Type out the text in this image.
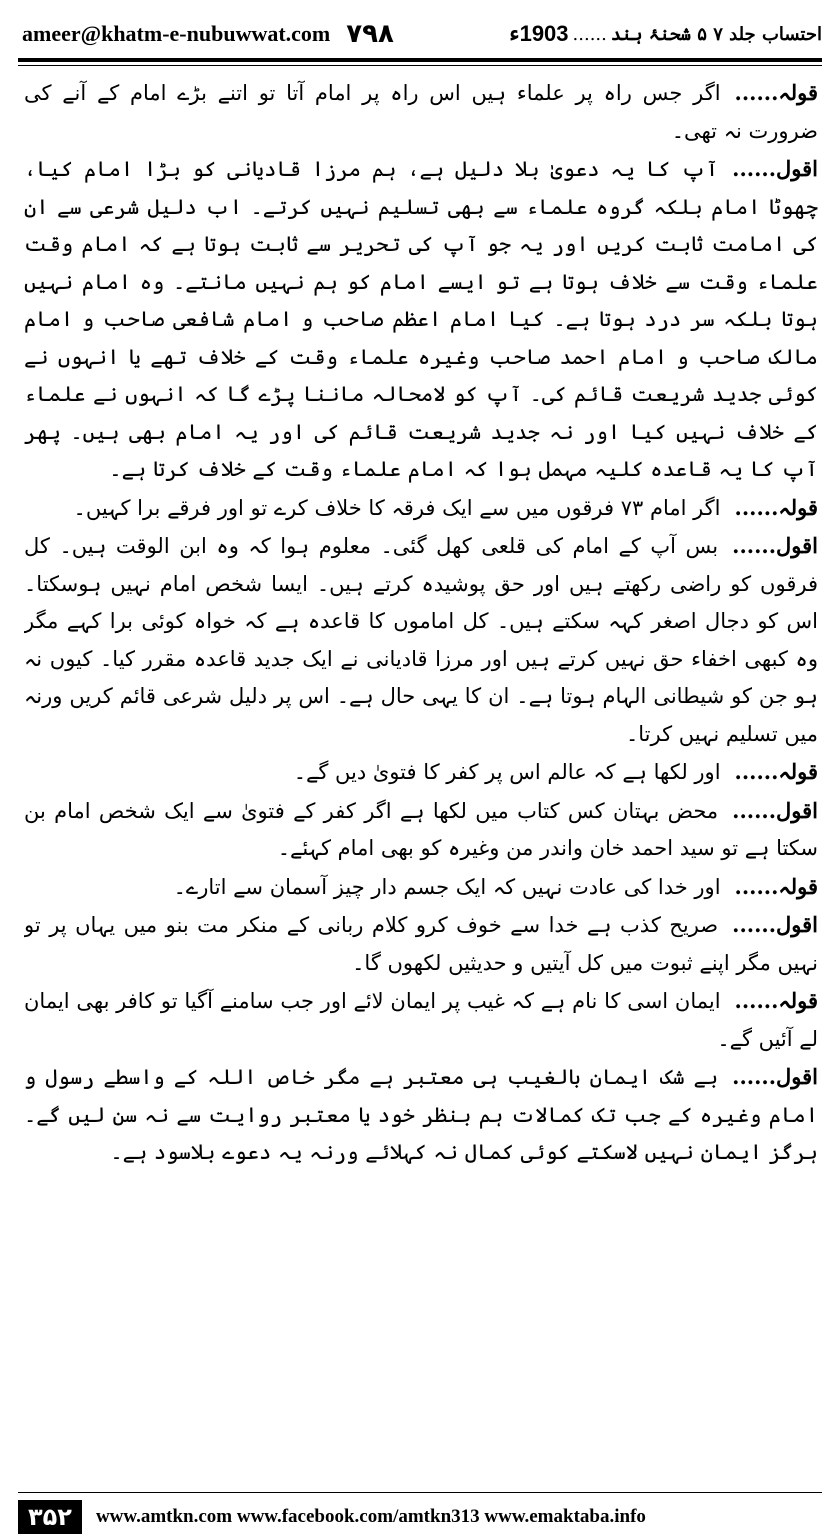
ameer@khatm-e-nubuwwat.com ۷۹۸	احتساب جلد ۷ ۵ شحنۂ ہند
......
1903ء

قولہ......اگر جس راہ پر علماء ہیں اس راہ پر امام آتا تو اتنے بڑے امام کے آنے کی ضرورت نہ تھی۔

اقول......آپ کا یہ دعویٰ بلا دلیل ہے، ہم مرزا قادیانی کو بڑا امام کیا، چھوٹا امام بلکہ گروہ علماء سے بھی تسلیم نہیں کرتے۔ اب دلیل شرعی سے ان کی امامت ثابت کریں اور یہ جو آپ کی تحریر سے ثابت ہوتا ہے کہ امام وقت علماء وقت سے خلاف ہوتا ہے تو ایسے امام کو ہم نہیں مانتے۔ وہ امام نہیں ہوتا بلکہ سر درد ہوتا ہے۔ کیا امام اعظم صاحب و امام شافعی صاحب و امام مالک صاحب و امام احمد صاحب وغیرہ علماء وقت کے خلاف تھے یا انہوں نے کوئی جدید شریعت قائم کی۔ آپ کو لامحالہ ماننا پڑے گا کہ انہوں نے علماء کے خلاف نہیں کیا اور نہ جدید شریعت قائم کی اور یہ امام بھی ہیں۔ پھر آپ کا یہ قاعدہ کلیہ مہمل ہوا کہ امام علماء وقت کے خلاف کرتا ہے۔

قولہ......اگر امام ۷۳ فرقوں میں سے ایک فرقہ کا خلاف کرے تو اور فرقے برا کہیں۔

اقول......بس آپ کے امام کی قلعی کھل گئی۔ معلوم ہوا کہ وہ ابن الوقت ہیں۔ کل فرقوں کو راضی رکھتے ہیں اور حق پوشیدہ کرتے ہیں۔ ایسا شخص امام نہیں ہوسکتا۔ اس کو دجال اصغر کہہ سکتے ہیں۔ کل اماموں کا قاعدہ ہے کہ خواہ کوئی برا کہے مگر وہ کبھی اخفاء حق نہیں کرتے ہیں اور مرزا قادیانی نے ایک جدید قاعدہ مقرر کیا۔ کیوں نہ ہو جن کو شیطانی الہام ہوتا ہے۔ ان کا یہی حال ہے۔ اس پر دلیل شرعی قائم کریں ورنہ میں تسلیم نہیں کرتا۔

قولہ......اور لکھا ہے کہ عالم اس پر کفر کا فتویٰ دیں گے۔

اقول......محض بہتان کس کتاب میں لکھا ہے اگر کفر کے فتویٰ سے ایک شخص امام بن سکتا ہے تو سید احمد خان واندر من وغیرہ کو بھی امام کہئے۔

قولہ......اور خدا کی عادت نہیں کہ ایک جسم دار چیز آسمان سے اتارے۔

اقول......صریح کذب ہے خدا سے خوف کرو کلام ربانی کے منکر مت بنو میں یہاں پر تو نہیں مگر اپنے ثبوت میں کل آیتیں و حدیثیں لکھوں گا۔

قولہ......ایمان اسی کا نام ہے کہ غیب پر ایمان لائے اور جب سامنے آگیا تو کافر بھی ایمان لے آئیں گے۔

اقول......بے شک ایمان بالغیب ہی معتبر ہے مگر خاص اللہ کے واسطے رسول و امام وغیرہ کے جب تک کمالات ہم بنظر خود یا معتبر روایت سے نہ سن لیں گے۔ ہرگز ایمان نہیں لاسکتے کوئی کمال نہ کہلائے ورنہ یہ دعوے بلاسود ہے۔

۳۵۲	www.amtkn.com www.facebook.com/amtkn313 www.emaktaba.info
